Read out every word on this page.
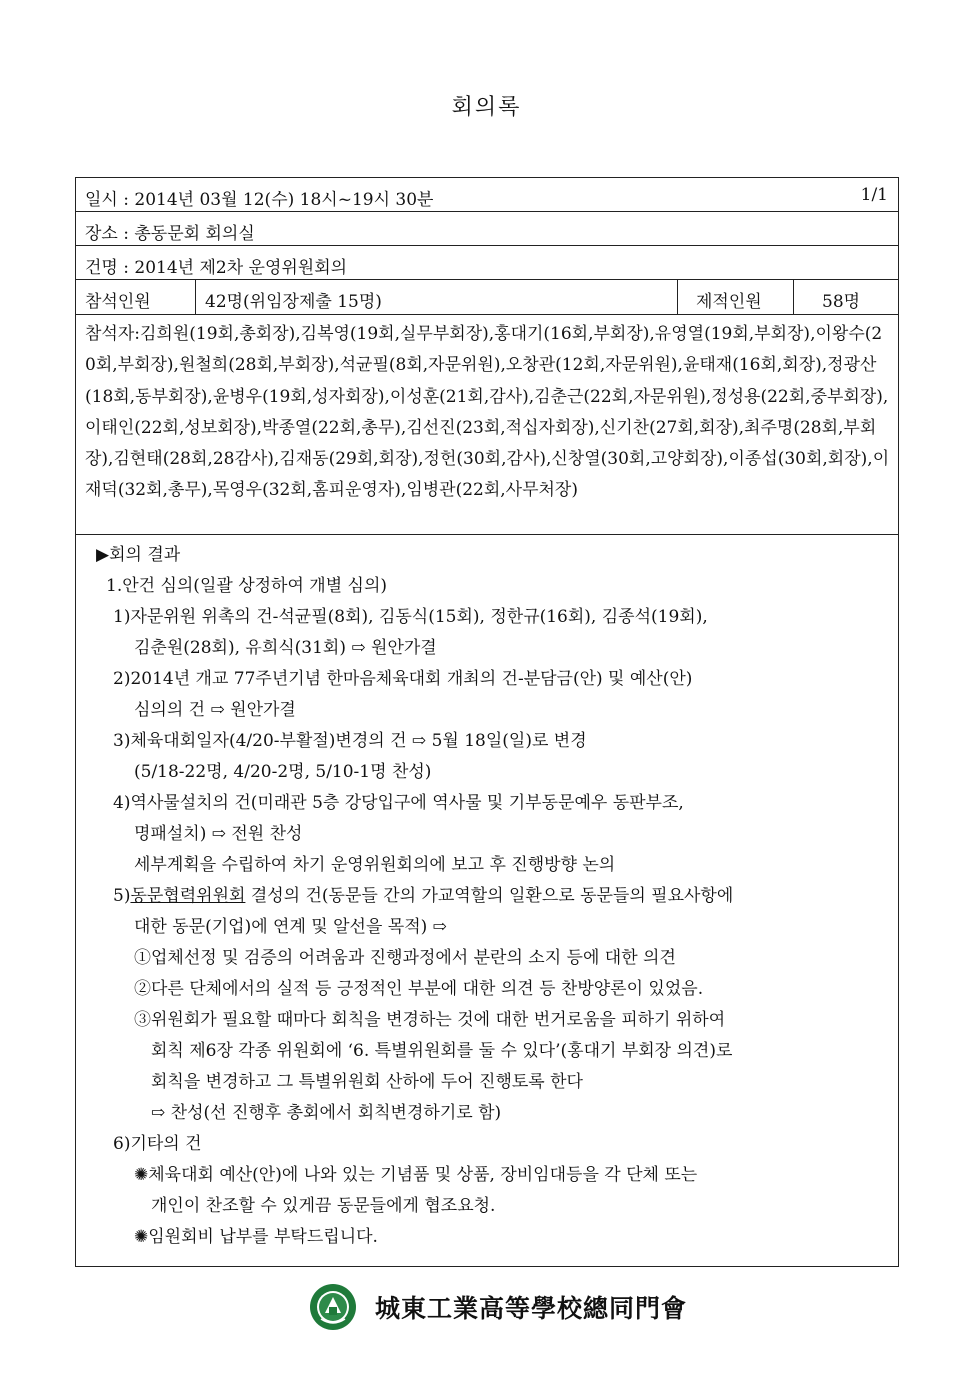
회의록
일시 : 2014년 03월 12(수) 18시~19시 30분	1/1
장소 : 총동문회 회의실
건명 : 2014년 제2차 운영위원회의
참석인원	42명(위임장제출 15명)	제적인원	58명
참석자:김희원(19회,총회장),김복영(19회,실무부회장),홍대기(16회,부회장),유영열(19회,부회장),이왕수(20회,부회장),원철희(28회,부회장),석균필(8회,자문위원),오창관(12회,자문위원),윤태재(16회,회장),정광산(18회,동부회장),윤병우(19회,성자회장),이성훈(21회,감사),김춘근(22회,자문위원),정성용(22회,중부회장),이태인(22회,성보회장),박종열(22회,총무),김선진(23회,적십자회장),신기찬(27회,회장),최주명(28회,부회장),김현태(28회,28감사),김재동(29회,회장),정헌(30회,감사),신창열(30회,고양회장),이종섭(30회,회장),이재덕(32회,총무),목영우(32회,홈피운영자),임병관(22회,사무처장)
▶회의 결과
1.안건 심의(일괄 상정하여 개별 심의)
1)자문위원 위촉의 건-석균필(8회), 김동식(15회), 정한규(16회), 김종석(19회),
김춘원(28회), 유희식(31회) ⇨ 원안가결
2)2014년 개교 77주년기념 한마음체육대회 개최의 건-분담금(안) 및 예산(안)
심의의 건 ⇨ 원안가결
3)체육대회일자(4/20-부활절)변경의 건 ⇨ 5월 18일(일)로 변경
(5/18-22명, 4/20-2명, 5/10-1명 찬성)
4)역사물설치의 건(미래관 5층 강당입구에 역사물 및 기부동문예우 동판부조,
명패설치) ⇨ 전원 찬성
세부계획을 수립하여 차기 운영위원회의에 보고 후 진행방향 논의
5)동문협력위원회 결성의 건(동문들 간의 가교역할의 일환으로 동문들의 필요사항에
대한 동문(기업)에 연계 및 알선을 목적) ⇨
①업체선정 및 검증의 어려움과 진행과정에서 분란의 소지 등에 대한 의견
②다른 단체에서의 실적 등 긍정적인 부분에 대한 의견 등 찬방양론이 있었음.
③위원회가 필요할 때마다 회칙을 변경하는 것에 대한 번거로움을 피하기 위하여
회칙 제6장 각종 위원회에 ‘6. 특별위원회를 둘 수 있다’(홍대기 부회장 의견)로
회칙을 변경하고 그 특별위원회 산하에 두어 진행토록 한다
⇨ 찬성(선 진행후 총회에서 회칙변경하기로 함)
6)기타의 건
✺체육대회 예산(안)에 나와 있는 기념품 및 상품, 장비임대등을 각 단체 또는
개인이 찬조할 수 있게끔 동문들에게 협조요청.
✺임원회비 납부를 부탁드립니다.
城東工業高等學校總同門會
